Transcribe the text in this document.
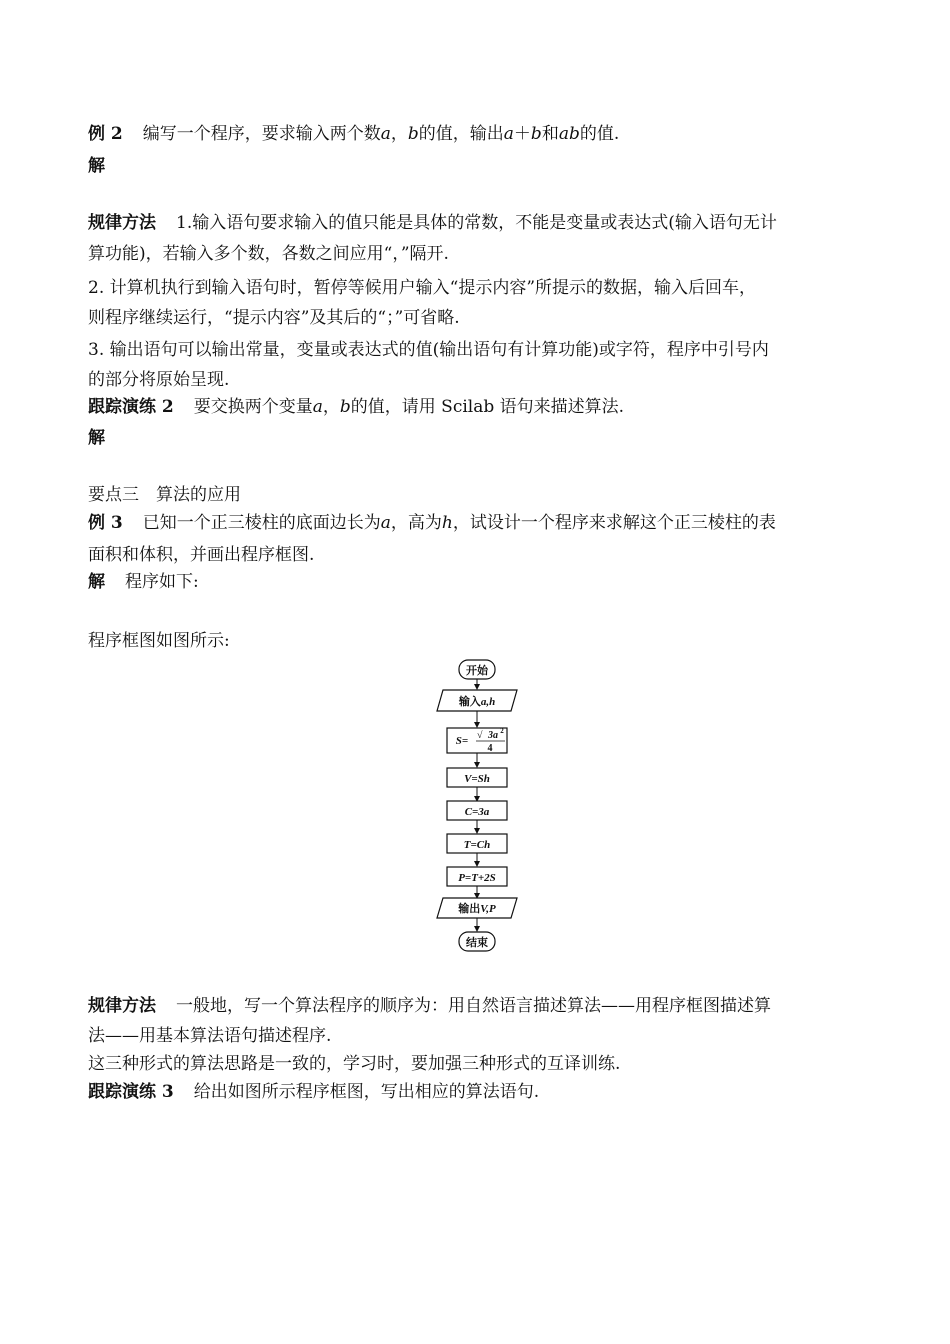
例 2 编写一个程序，要求输入两个数a，b的值，输出a＋b和ab的值.
解
规律方法 1.输入语句要求输入的值只能是具体的常数，不能是变量或表达式(输入语句无计
算功能)，若输入多个数，各数之间应用“，”隔开.
2. 计算机执行到输入语句时，暂停等候用户输入“提示内容”所提示的数据，输入后回车，
则程序继续运行，“提示内容”及其后的“；”可省略.
3. 输出语句可以输出常量，变量或表达式的值(输出语句有计算功能)或字符，程序中引号内
的部分将原始呈现.
跟踪演练 2 要交换两个变量a，b的值，请用 Scilab 语句来描述算法.
解
要点三　算法的应用
例 3 已知一个正三棱柱的底面边长为a，高为h，试设计一个程序来求解这个正三棱柱的表
面积和体积，并画出程序框图.
解 程序如下:
程序框图如图所示:
开始
输入a,h
S= √ 3a 2
4
V=Sh
C=3a
T=Ch
P=T+2S
输出V,P
结束
规律方法 一般地，写一个算法程序的顺序为：用自然语言描述算法——用程序框图描述算
法——用基本算法语句描述程序.
这三种形式的算法思路是一致的，学习时，要加强三种形式的互译训练.
跟踪演练 3 给出如图所示程序框图，写出相应的算法语句.
